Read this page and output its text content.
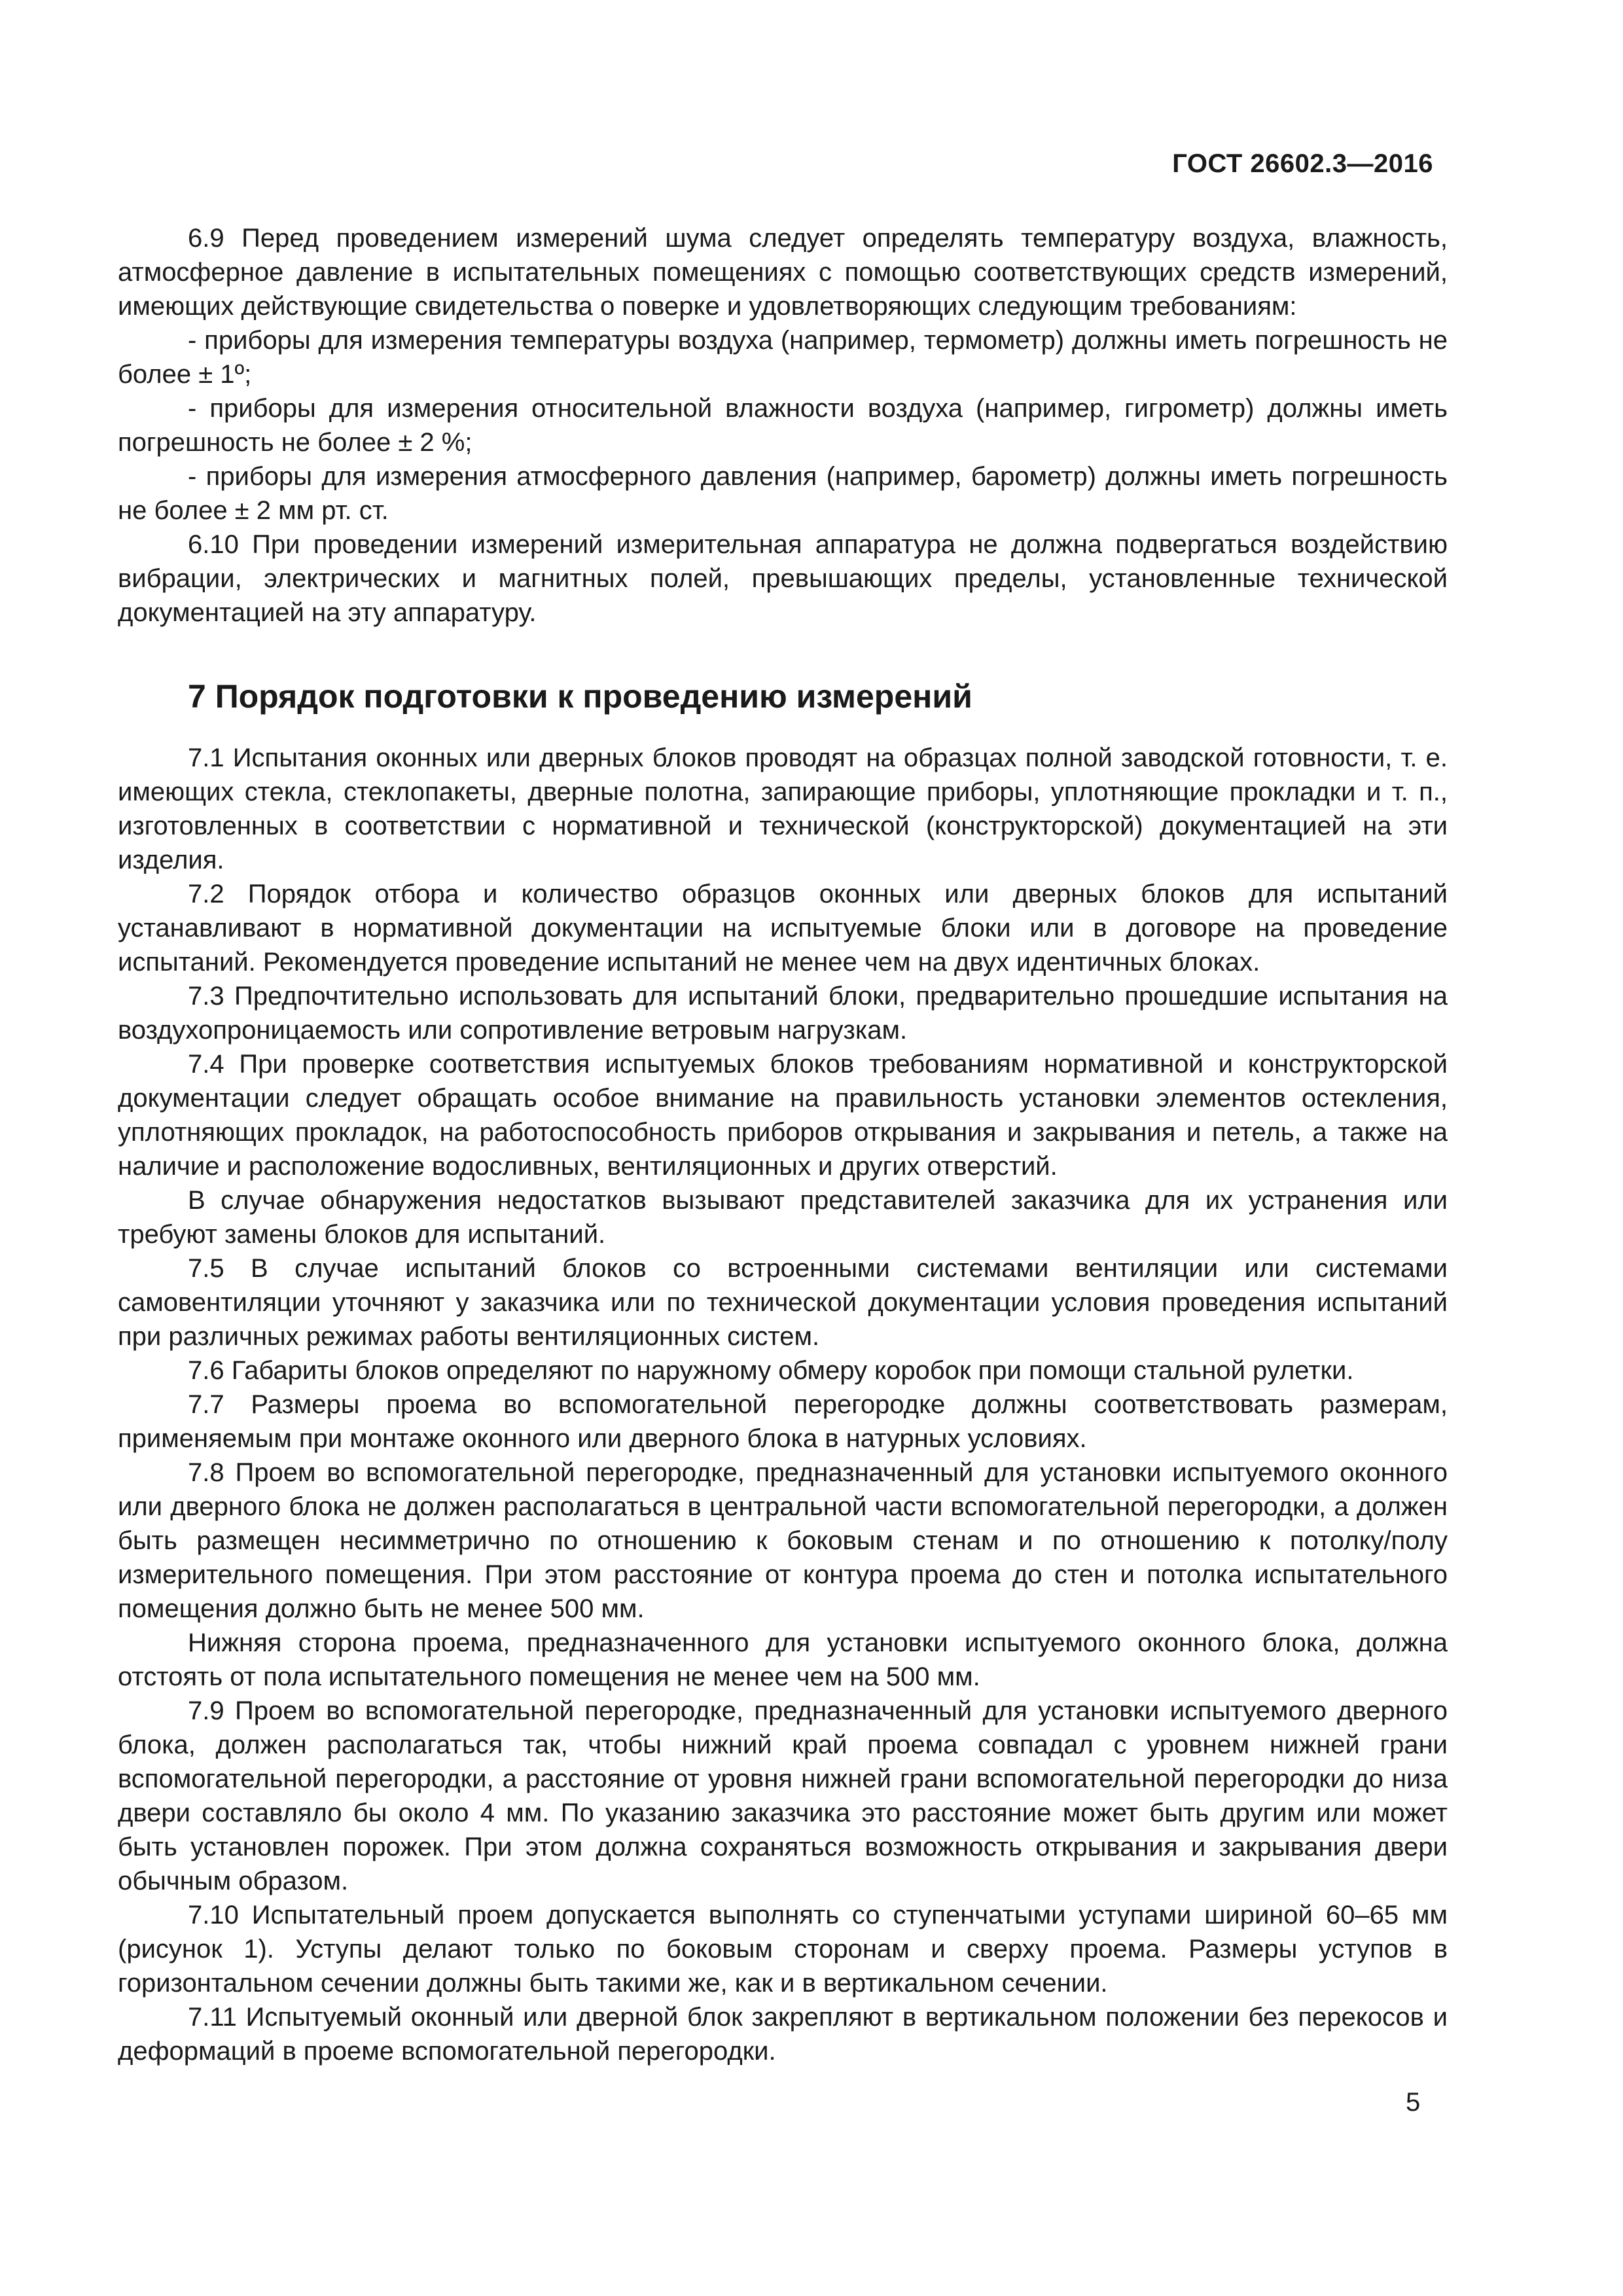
ГОСТ 26602.3—2016

6.9 Перед проведением измерений шума следует определять температуру воздуха, влажность, атмосферное давление в испытательных помещениях с помощью соответствующих средств измерений, имеющих действующие свидетельства о поверке и удовлетворяющих следующим требованиям:

- приборы для измерения температуры воздуха (например, термометр) должны иметь погрешность не более ± 1º;

- приборы для измерения относительной влажности воздуха (например, гигрометр) должны иметь погрешность не более ± 2 %;

- приборы для измерения атмосферного давления (например, барометр) должны иметь погрешность не более ± 2 мм рт. ст.

6.10 При проведении измерений измерительная аппаратура не должна подвергаться воздействию вибрации, электрических и магнитных полей, превышающих пределы, установленные технической документацией на эту аппаратуру.

7 Порядок подготовки к проведению измерений

7.1 Испытания оконных или дверных блоков проводят на образцах полной заводской готовности, т. е. имеющих стекла, стеклопакеты, дверные полотна, запирающие приборы, уплотняющие прокладки и т. п., изготовленных в соответствии с нормативной и технической (конструкторской) документацией на эти изделия.

7.2 Порядок отбора и количество образцов оконных или дверных блоков для испытаний устанавливают в нормативной документации на испытуемые блоки или в договоре на проведение испытаний. Рекомендуется проведение испытаний не менее чем на двух идентичных блоках.

7.3 Предпочтительно использовать для испытаний блоки, предварительно прошедшие испытания на воздухопроницаемость или сопротивление ветровым нагрузкам.

7.4 При проверке соответствия испытуемых блоков требованиям нормативной и конструкторской документации следует обращать особое внимание на правильность установки элементов остекления, уплотняющих прокладок, на работоспособность приборов открывания и закрывания и петель, а также на наличие и расположение водосливных, вентиляционных и других отверстий.

В случае обнаружения недостатков вызывают представителей заказчика для их устранения или требуют замены блоков для испытаний.

7.5 В случае испытаний блоков со встроенными системами вентиляции или системами самовентиляции уточняют у заказчика или по технической документации условия проведения испытаний при различных режимах работы вентиляционных систем.

7.6 Габариты блоков определяют по наружному обмеру коробок при помощи стальной рулетки.

7.7 Размеры проема во вспомогательной перегородке должны соответствовать размерам, применяемым при монтаже оконного или дверного блока в натурных условиях.

7.8 Проем во вспомогательной перегородке, предназначенный для установки испытуемого оконного или дверного блока не должен располагаться в центральной части вспомогательной перегородки, а должен быть размещен несимметрично по отношению к боковым стенам и по отношению к потолку/полу измерительного помещения. При этом расстояние от контура проема до стен и потолка испытательного помещения должно быть не менее 500 мм.

Нижняя сторона проема, предназначенного для установки испытуемого оконного блока, должна отстоять от пола испытательного помещения не менее чем на 500 мм.

7.9 Проем во вспомогательной перегородке, предназначенный для установки испытуемого дверного блока, должен располагаться так, чтобы нижний край проема совпадал с уровнем нижней грани вспомогательной перегородки, а расстояние от уровня нижней грани вспомогательной перегородки до низа двери составляло бы около 4 мм. По указанию заказчика это расстояние может быть другим или может быть установлен порожек. При этом должна сохраняться возможность открывания и закрывания двери обычным образом.

7.10 Испытательный проем допускается выполнять со ступенчатыми уступами шириной 60–65 мм (рисунок 1). Уступы делают только по боковым сторонам и сверху проема. Размеры уступов в горизонтальном сечении должны быть такими же, как и в вертикальном сечении.

7.11 Испытуемый оконный или дверной блок закрепляют в вертикальном положении без перекосов и деформаций в проеме вспомогательной перегородки.

5
